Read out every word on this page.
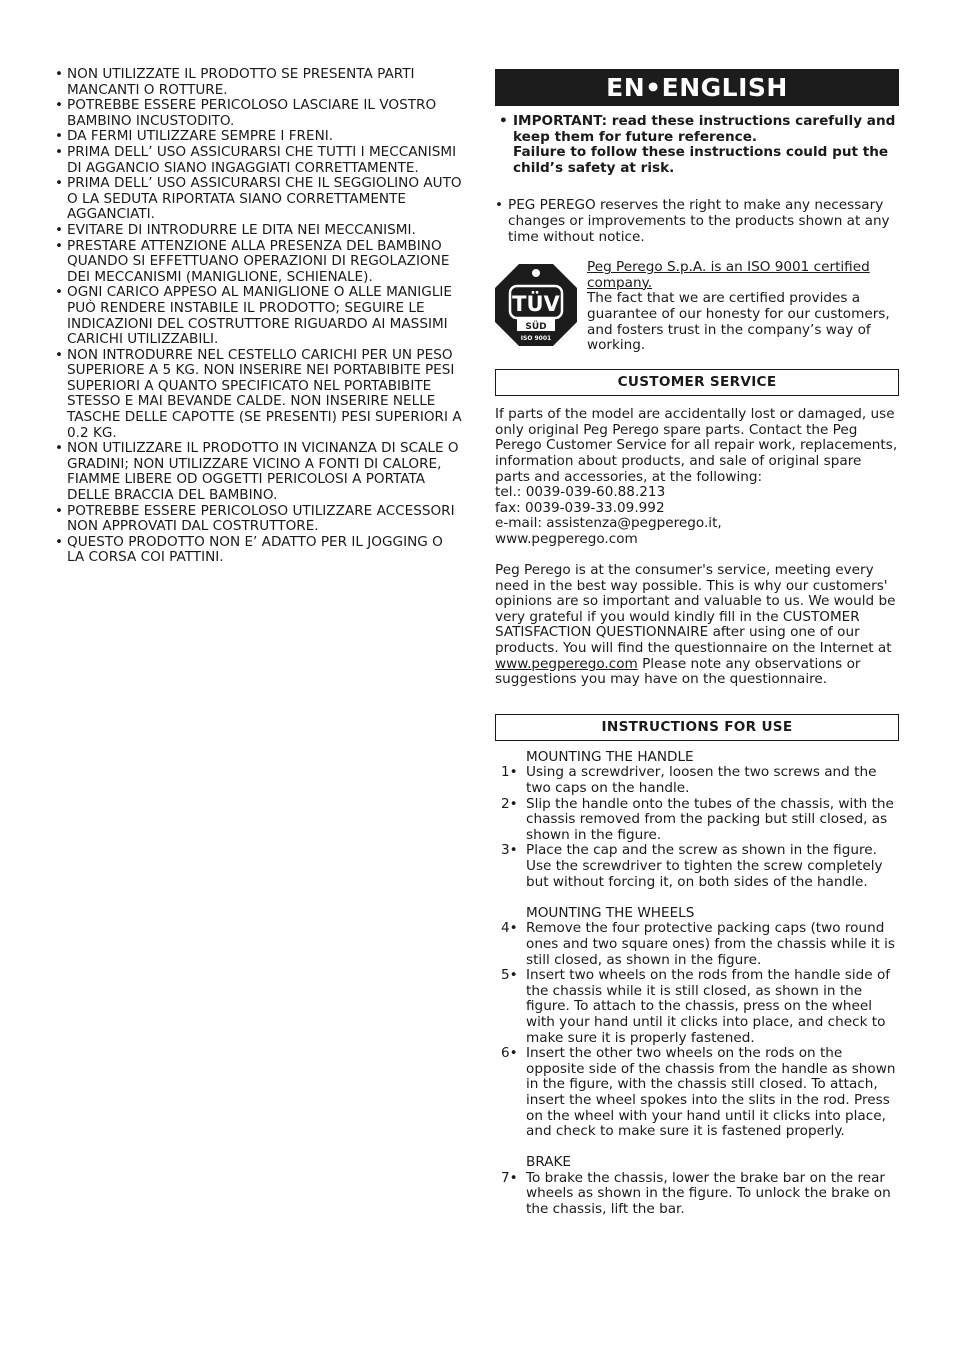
• NON UTILIZZATE IL PRODOTTO SE PRESENTA PARTI MANCANTI O ROTTURE.
• POTREBBE ESSERE PERICOLOSO LASCIARE IL VOSTRO BAMBINO INCUSTODITO.
• DA FERMI UTILIZZARE SEMPRE I FRENI.
• PRIMA DELL’ USO ASSICURARSI CHE TUTTI I MECCANISMI DI AGGANCIO SIANO INGAGGIATI CORRETTAMENTE.
• PRIMA DELL’ USO ASSICURARSI CHE IL SEGGIOLINO AUTO O LA SEDUTA RIPORTATA SIANO CORRETTAMENTE AGGANCIATI.
• EVITARE DI INTRODURRE LE DITA NEI MECCANISMI.
• PRESTARE ATTENZIONE ALLA PRESENZA DEL BAMBINO QUANDO SI EFFETTUANO OPERAZIONI DI REGOLAZIONE DEI MECCANISMI (MANIGLIONE, SCHIENALE).
• OGNI CARICO APPESO AL MANIGLIONE O ALLE MANIGLIE PUÒ RENDERE INSTABILE IL PRODOTTO; SEGUIRE LE INDICAZIONI DEL COSTRUTTORE RIGUARDO AI MASSIMI CARICHI UTILIZZABILI.
• NON INTRODURRE NEL CESTELLO CARICHI PER UN PESO SUPERIORE A 5 KG. NON INSERIRE NEI PORTABIBITE PESI SUPERIORI A QUANTO SPECIFICATO NEL PORTABIBITE STESSO E MAI BEVANDE CALDE. NON INSERIRE NELLE TASCHE DELLE CAPOTTE (SE PRESENTI) PESI SUPERIORI A 0.2 KG.
• NON UTILIZZARE IL PRODOTTO IN VICINANZA DI SCALE O GRADINI; NON UTILIZZARE VICINO A FONTI DI CALORE, FIAMME LIBERE OD OGGETTI PERICOLOSI A PORTATA DELLE BRACCIA DEL BAMBINO.
• POTREBBE ESSERE PERICOLOSO UTILIZZARE ACCESSORI NON APPROVATI DAL COSTRUTTORE.
• QUESTO PRODOTTO NON E’ ADATTO PER IL JOGGING O LA CORSA COI PATTINI.
EN•ENGLISH
• IMPORTANT: read these instructions carefully and keep them for future reference.
Failure to follow these instructions could put the child’s safety at risk.
• PEG PEREGO reserves the right to make any necessary changes or improvements to the products shown at any time without notice.
TÜV
SÜD
ISO 9001
Peg Perego S.p.A. is an ISO 9001 certified company.
The fact that we are certified provides a guarantee of our honesty for our customers, and fosters trust in the company’s way of working.
CUSTOMER SERVICE
If parts of the model are accidentally lost or damaged, use only original Peg Perego spare parts. Contact the Peg Perego Customer Service for all repair work, replacements, information about products, and sale of original spare parts and accessories, at the following:
tel.: 0039-039-60.88.213
fax: 0039-039-33.09.992
e-mail: assistenza@pegperego.it,
www.pegperego.com
Peg Perego is at the consumer's service, meeting every need in the best way possible. This is why our customers' opinions are so important and valuable to us. We would be very grateful if you would kindly fill in the CUSTOMER SATISFACTION QUESTIONNAIRE after using one of our products. You will find the questionnaire on the Internet at www.pegperego.com Please note any observations or suggestions you may have on the questionnaire.
INSTRUCTIONS FOR USE
MOUNTING THE HANDLE
1• Using a screwdriver, loosen the two screws and the two caps on the handle.
2• Slip the handle onto the tubes of the chassis, with the chassis removed from the packing but still closed, as shown in the figure.
3• Place the cap and the screw as shown in the figure. Use the screwdriver to tighten the screw completely but without forcing it, on both sides of the handle.
MOUNTING THE WHEELS
4• Remove the four protective packing caps (two round ones and two square ones) from the chassis while it is still closed, as shown in the figure.
5• Insert two wheels on the rods from the handle side of the chassis while it is still closed, as shown in the figure. To attach to the chassis, press on the wheel with your hand until it clicks into place, and check to make sure it is properly fastened.
6• Insert the other two wheels on the rods on the opposite side of the chassis from the handle as shown in the figure, with the chassis still closed. To attach, insert the wheel spokes into the slits in the rod. Press on the wheel with your hand until it clicks into place, and check to make sure it is fastened properly.
BRAKE
7• To brake the chassis, lower the brake bar on the rear wheels as shown in the figure. To unlock the brake on the chassis, lift the bar.
